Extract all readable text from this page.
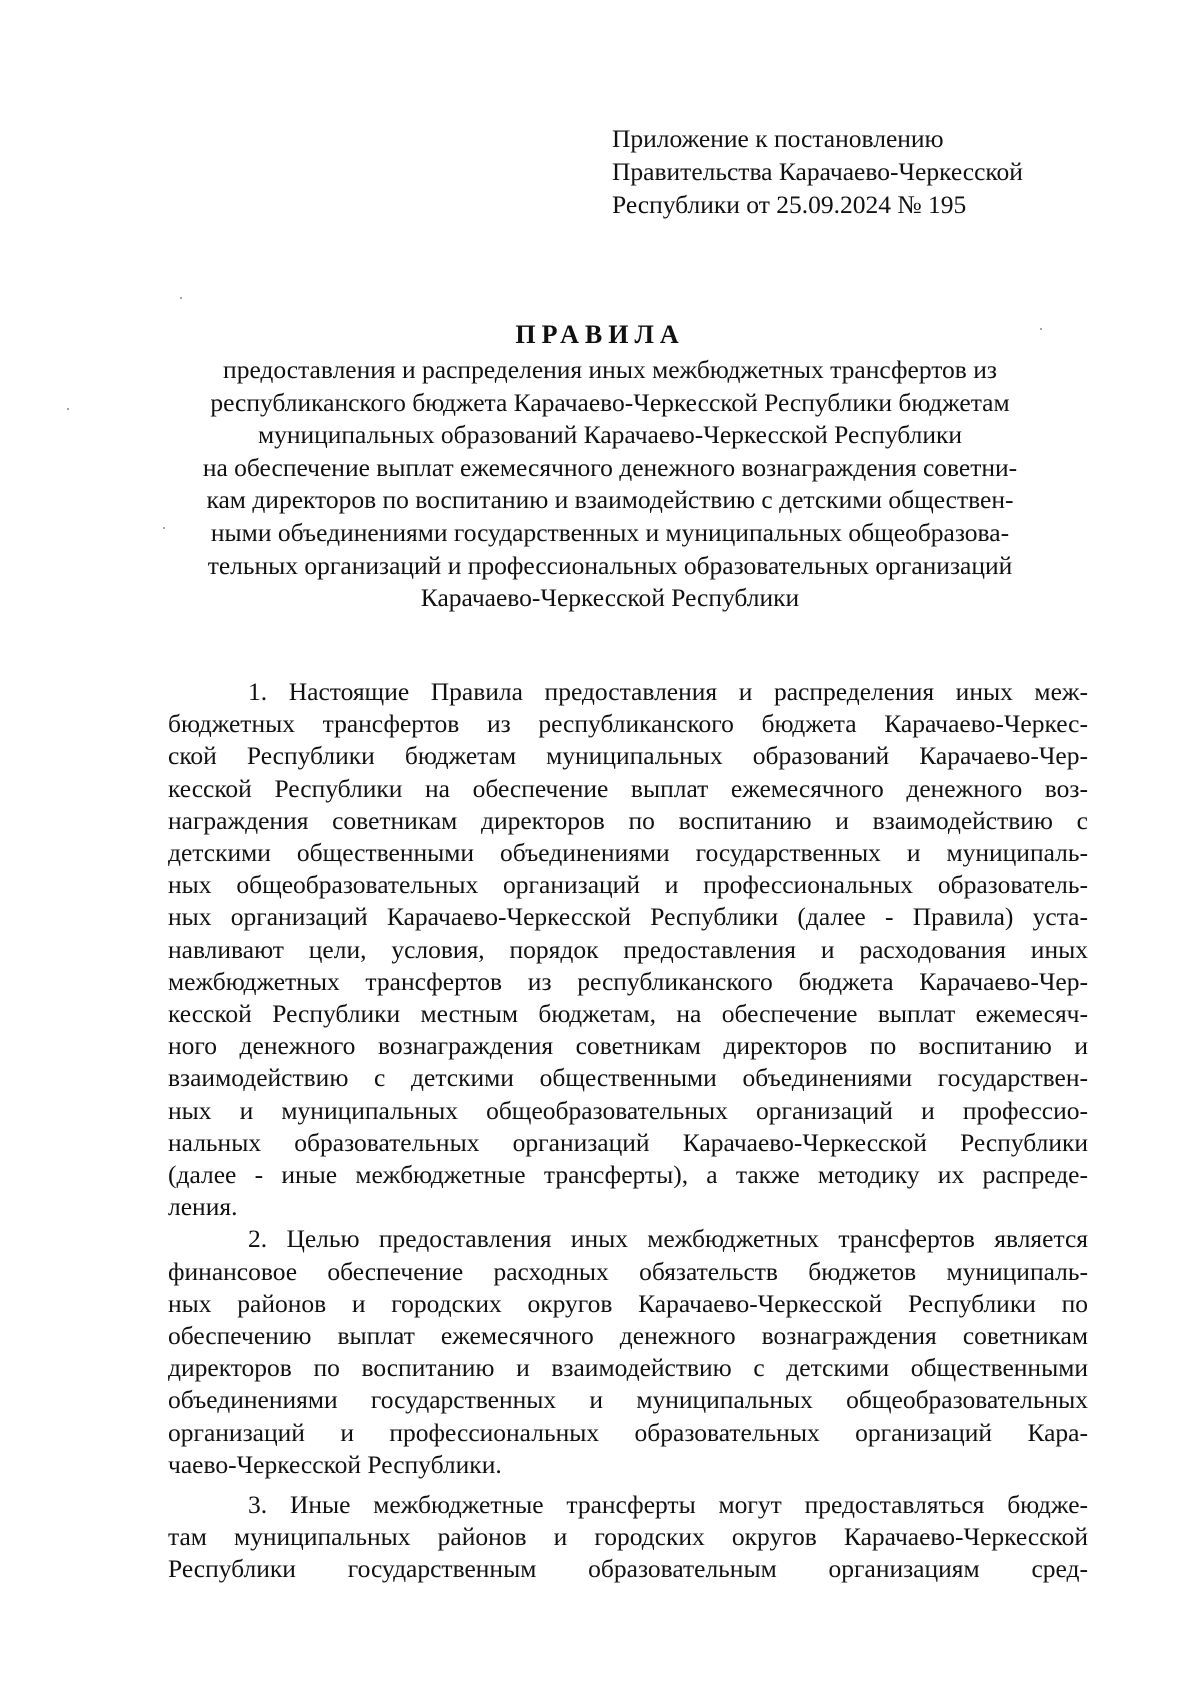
Приложение к постановлению
Правительства Карачаево-Черкесской
Республики от 25.09.2024 № 195
ПРАВИЛА
предоставления и распределения иных межбюджетных трансфертов из
республиканского бюджета Карачаево-Черкесской Республики бюджетам
муниципальных образований Карачаево-Черкесской Республики
на обеспечение выплат ежемесячного денежного вознаграждения советни-
кам директоров по воспитанию и взаимодействию с детскими обществен-
ными объединениями государственных и муниципальных общеобразова-
тельных организаций и профессиональных образовательных организаций
Карачаево-Черкесской Республики
1. Настоящие Правила предоставления и распределения иных меж-
бюджетных трансфертов из республиканского бюджета Карачаево-Черкес-
ской Республики бюджетам муниципальных образований Карачаево-Чер-
кесской Республики на обеспечение выплат ежемесячного денежного воз-
награждения советникам директоров по воспитанию и взаимодействию с
детскими общественными объединениями государственных и муниципаль-
ных общеобразовательных организаций и профессиональных образователь-
ных организаций Карачаево-Черкесской Республики (далее - Правила) уста-
навливают цели, условия, порядок предоставления и расходования иных
межбюджетных трансфертов из республиканского бюджета Карачаево-Чер-
кесской Республики местным бюджетам, на обеспечение выплат ежемесяч-
ного денежного вознаграждения советникам директоров по воспитанию и
взаимодействию с детскими общественными объединениями государствен-
ных и муниципальных общеобразовательных организаций и профессио-
нальных образовательных организаций Карачаево-Черкесской Республики
(далее - иные межбюджетные трансферты), а также методику их распреде-
ления.
2. Целью предоставления иных межбюджетных трансфертов является
финансовое обеспечение расходных обязательств бюджетов муниципаль-
ных районов и городских округов Карачаево-Черкесской Республики по
обеспечению выплат ежемесячного денежного вознаграждения советникам
директоров по воспитанию и взаимодействию с детскими общественными
объединениями государственных и муниципальных общеобразовательных
организаций и профессиональных образовательных организаций Кара-
чаево-Черкесской Республики.
3. Иные межбюджетные трансферты могут предоставляться бюдже-
там муниципальных районов и городских округов Карачаево-Черкесской
Республики государственным образовательным организациям сред-
